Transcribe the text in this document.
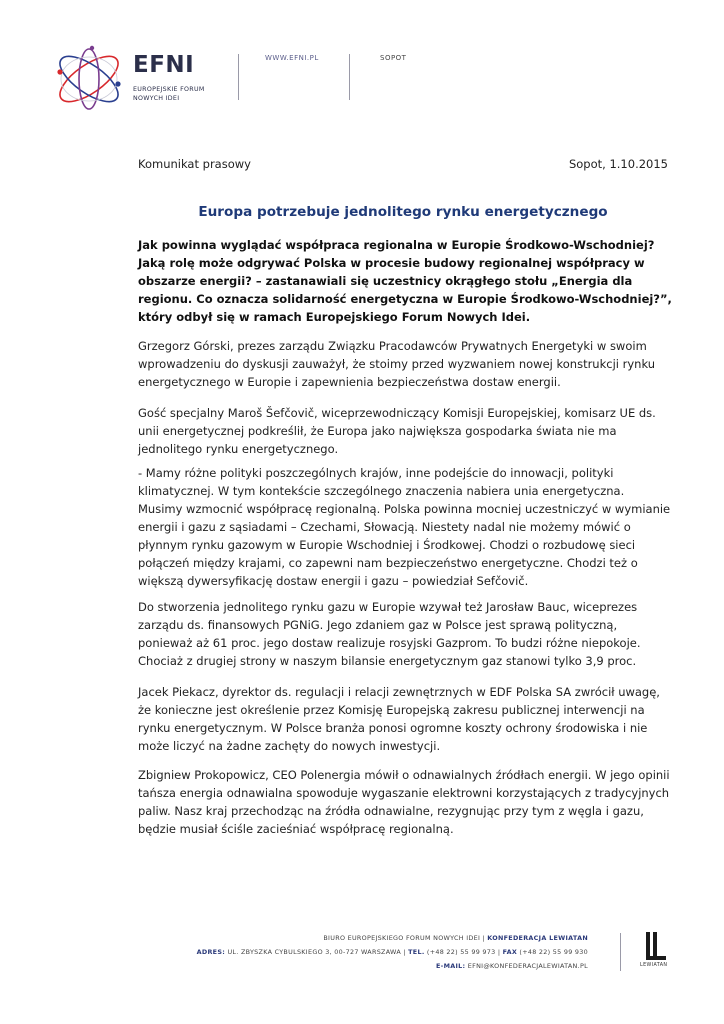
EFNI
EUROPEJSKIE FORUM
NOWYCH IDEI
WWW.EFNI.PL	SOPOT
Komunikat prasowy	Sopot, 1.10.2015
Europa potrzebuje jednolitego rynku energetycznego
Jak powinna wyglądać współpraca regionalna w Europie Środkowo-Wschodniej? Jaką rolę może odgrywać Polska w procesie budowy regionalnej współpracy w obszarze energii? – zastanawiali się uczestnicy okrągłego stołu „Energia dla regionu. Co oznacza solidarność energetyczna w Europie Środkowo-Wschodniej?”, który odbył się w ramach Europejskiego Forum Nowych Idei.
Grzegorz Górski, prezes zarządu Związku Pracodawców Prywatnych Energetyki w swoim wprowadzeniu do dyskusji zauważył, że stoimy przed wyzwaniem nowej konstrukcji rynku energetycznego w Europie i zapewnienia bezpieczeństwa dostaw energii.
Gość specjalny Maroš Šefčovič, wiceprzewodniczący Komisji Europejskiej, komisarz UE ds. unii energetycznej podkreślił, że Europa jako największa gospodarka świata nie ma jednolitego rynku energetycznego.
- Mamy różne polityki poszczególnych krajów, inne podejście do innowacji, polityki klimatycznej. W tym kontekście szczególnego znaczenia nabiera unia energetyczna. Musimy wzmocnić współpracę regionalną. Polska powinna mocniej uczestniczyć w wymianie energii i gazu z sąsiadami – Czechami, Słowacją. Niestety nadal nie możemy mówić o płynnym rynku gazowym w Europie Wschodniej i Środkowej. Chodzi o rozbudowę sieci połączeń między krajami, co zapewni nam bezpieczeństwo energetyczne. Chodzi też o większą dywersyfikację dostaw energii i gazu – powiedział Sefčovič.
Do stworzenia jednolitego rynku gazu w Europie wzywał też Jarosław Bauc, wiceprezes zarządu ds. finansowych PGNiG. Jego zdaniem gaz w Polsce jest sprawą polityczną, ponieważ aż 61 proc. jego dostaw realizuje rosyjski Gazprom. To budzi różne niepokoje. Chociaż z drugiej strony w naszym bilansie energetycznym gaz stanowi tylko 3,9 proc.
Jacek Piekacz, dyrektor ds. regulacji i relacji zewnętrznych w EDF Polska SA zwrócił uwagę, że konieczne jest określenie przez Komisję Europejską zakresu publicznej interwencji na rynku energetycznym. W Polsce branża ponosi ogromne koszty ochrony środowiska i nie może liczyć na żadne zachęty do nowych inwestycji.
Zbigniew Prokopowicz, CEO Polenergia mówił o odnawialnych źródłach energii. W jego opinii tańsza energia odnawialna spowoduje wygaszanie elektrowni korzystających z tradycyjnych paliw. Nasz kraj przechodząc na źródła odnawialne, rezygnując przy tym z węgla i gazu, będzie musiał ściśle zacieśniać współpracę regionalną.
BIURO EUROPEJSKIEGO FORUM NOWYCH IDEI | KONFEDERACJA LEWIATAN
ADRES: UL. ZBYSZKA CYBULSKIEGO 3, 00-727 WARSZAWA | TEL. (+48 22) 55 99 973 | FAX (+48 22) 55 99 930
E-MAIL: EFNI@KONFEDERACJALEWIATAN.PL	LEWIATAN
